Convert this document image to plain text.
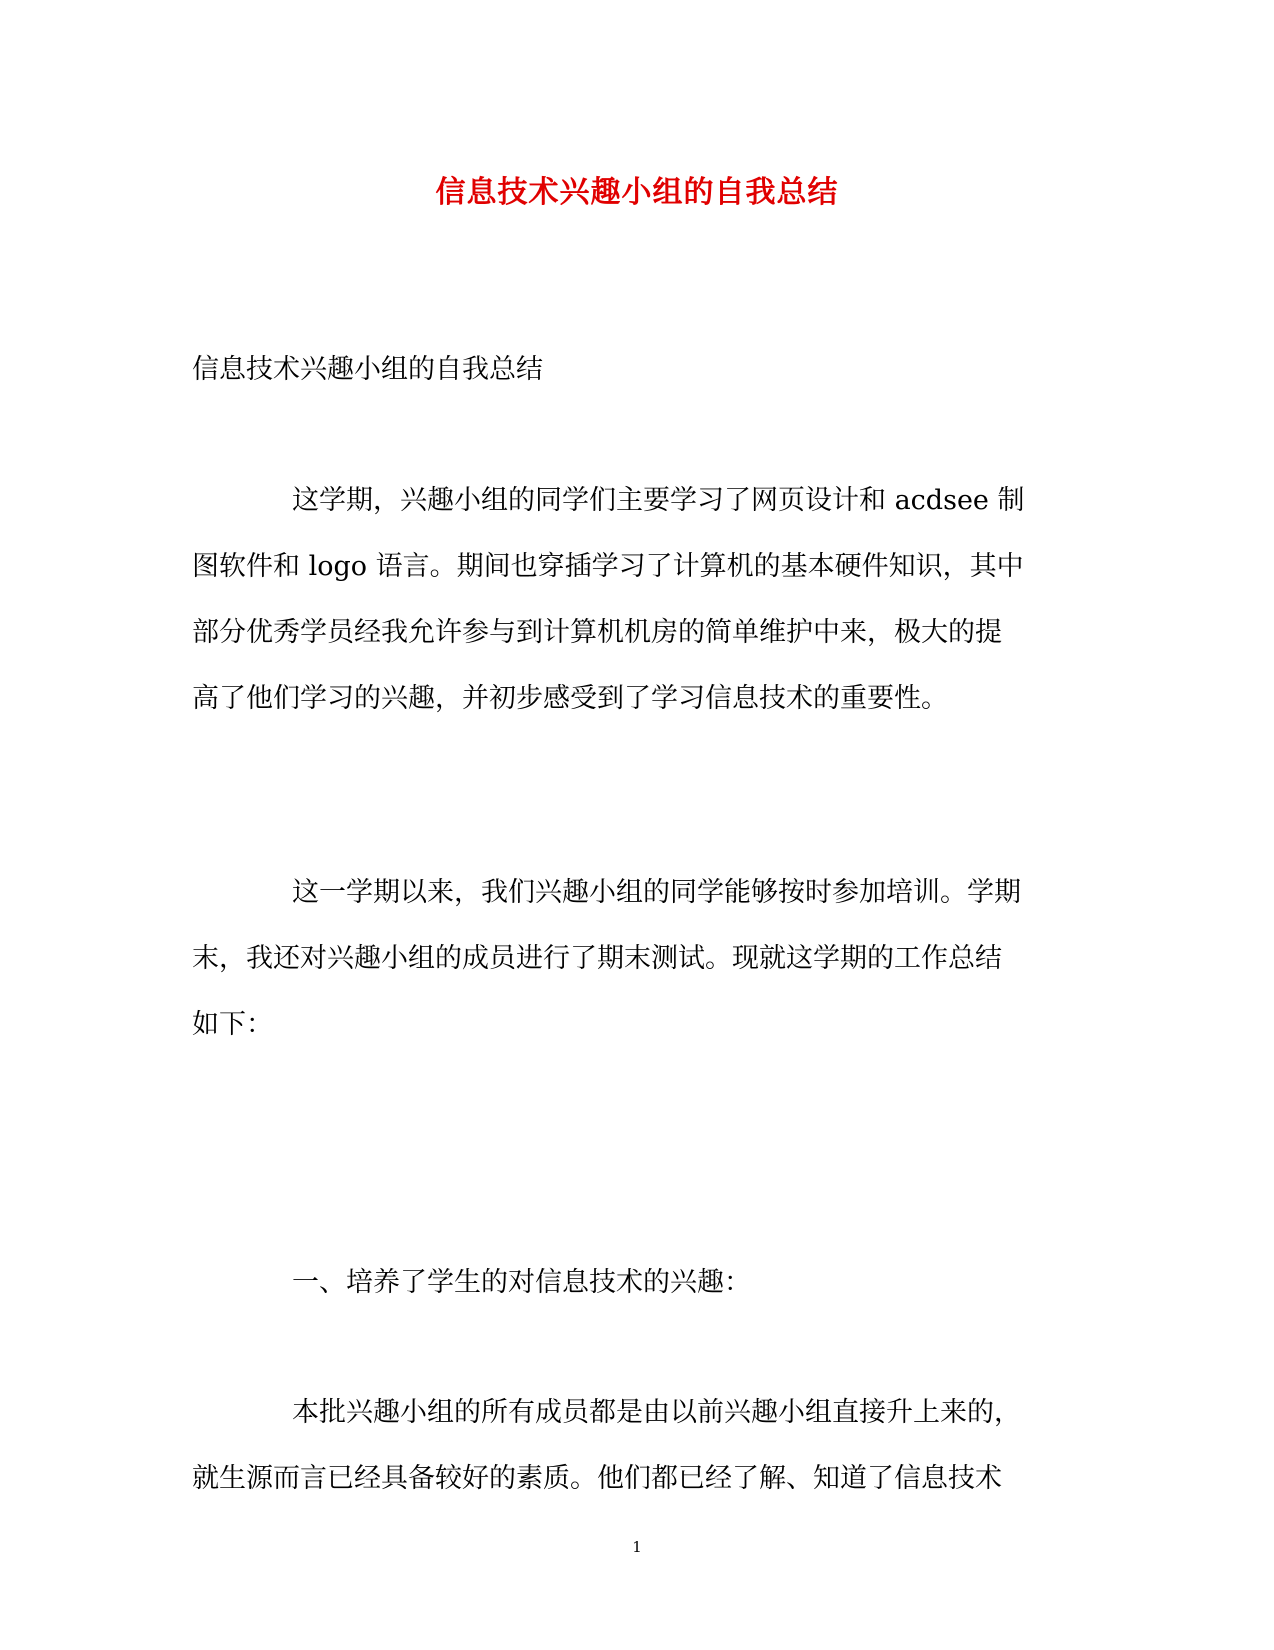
信息技术兴趣小组的自我总结
信息技术兴趣小组的自我总结
这学期，兴趣小组的同学们主要学习了网页设计和 acdsee 制
图软件和 logo 语言。期间也穿插学习了计算机的基本硬件知识，其中
部分优秀学员经我允许参与到计算机机房的简单维护中来，极大的提
高了他们学习的兴趣，并初步感受到了学习信息技术的重要性。
这一学期以来，我们兴趣小组的同学能够按时参加培训。学期
末，我还对兴趣小组的成员进行了期末测试。现就这学期的工作总结
如下：
一、培养了学生的对信息技术的兴趣：
本批兴趣小组的所有成员都是由以前兴趣小组直接升上来的，
就生源而言已经具备较好的素质。他们都已经了解、知道了信息技术
1
